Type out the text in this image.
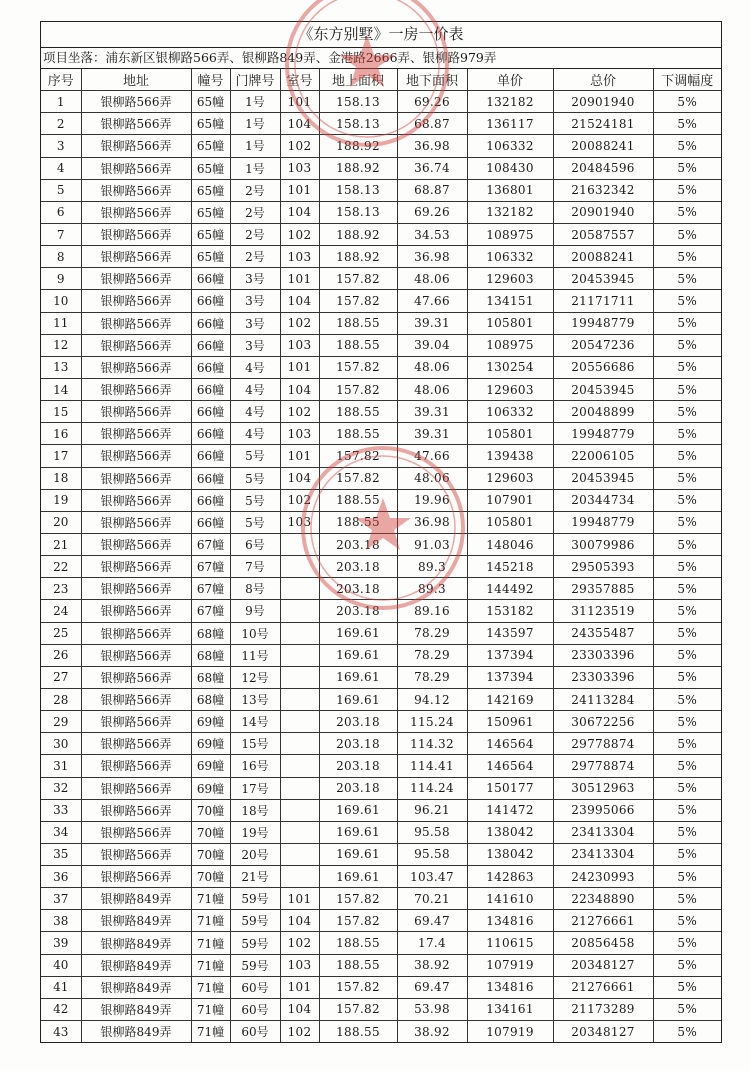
《东方别墅》一房一价表
项目坐落：浦东新区银柳路566弄、银柳路849弄、金港路2666弄、银柳路979弄
序号	地址	幢号	门牌号	室号	地上面积	地下面积	单价	总价	下调幅度
1	银柳路566弄	65幢	1号	101	158.13	69.26	132182	20901940	5%
2	银柳路566弄	65幢	1号	104	158.13	68.87	136117	21524181	5%
3	银柳路566弄	65幢	1号	102	188.92	36.98	106332	20088241	5%
4	银柳路566弄	65幢	1号	103	188.92	36.74	108430	20484596	5%
5	银柳路566弄	65幢	2号	101	158.13	68.87	136801	21632342	5%
6	银柳路566弄	65幢	2号	104	158.13	69.26	132182	20901940	5%
7	银柳路566弄	65幢	2号	102	188.92	34.53	108975	20587557	5%
8	银柳路566弄	65幢	2号	103	188.92	36.98	106332	20088241	5%
9	银柳路566弄	66幢	3号	101	157.82	48.06	129603	20453945	5%
10	银柳路566弄	66幢	3号	104	157.82	47.66	134151	21171711	5%
11	银柳路566弄	66幢	3号	102	188.55	39.31	105801	19948779	5%
12	银柳路566弄	66幢	3号	103	188.55	39.04	108975	20547236	5%
13	银柳路566弄	66幢	4号	101	157.82	48.06	130254	20556686	5%
14	银柳路566弄	66幢	4号	104	157.82	48.06	129603	20453945	5%
15	银柳路566弄	66幢	4号	102	188.55	39.31	106332	20048899	5%
16	银柳路566弄	66幢	4号	103	188.55	39.31	105801	19948779	5%
17	银柳路566弄	66幢	5号	101	157.82	47.66	139438	22006105	5%
18	银柳路566弄	66幢	5号	104	157.82	48.06	129603	20453945	5%
19	银柳路566弄	66幢	5号	102	188.55	19.96	107901	20344734	5%
20	银柳路566弄	66幢	5号	103	188.55	36.98	105801	19948779	5%
21	银柳路566弄	67幢	6号		203.18	91.03	148046	30079986	5%
22	银柳路566弄	67幢	7号		203.18	89.3	145218	29505393	5%
23	银柳路566弄	67幢	8号		203.18	89.3	144492	29357885	5%
24	银柳路566弄	67幢	9号		203.18	89.16	153182	31123519	5%
25	银柳路566弄	68幢	10号		169.61	78.29	143597	24355487	5%
26	银柳路566弄	68幢	11号		169.61	78.29	137394	23303396	5%
27	银柳路566弄	68幢	12号		169.61	78.29	137394	23303396	5%
28	银柳路566弄	68幢	13号		169.61	94.12	142169	24113284	5%
29	银柳路566弄	69幢	14号		203.18	115.24	150961	30672256	5%
30	银柳路566弄	69幢	15号		203.18	114.32	146564	29778874	5%
31	银柳路566弄	69幢	16号		203.18	114.41	146564	29778874	5%
32	银柳路566弄	69幢	17号		203.18	114.24	150177	30512963	5%
33	银柳路566弄	70幢	18号		169.61	96.21	141472	23995066	5%
34	银柳路566弄	70幢	19号		169.61	95.58	138042	23413304	5%
35	银柳路566弄	70幢	20号		169.61	95.58	138042	23413304	5%
36	银柳路566弄	70幢	21号		169.61	103.47	142863	24230993	5%
37	银柳路849弄	71幢	59号	101	157.82	70.21	141610	22348890	5%
38	银柳路849弄	71幢	59号	104	157.82	69.47	134816	21276661	5%
39	银柳路849弄	71幢	59号	102	188.55	17.4	110615	20856458	5%
40	银柳路849弄	71幢	59号	103	188.55	38.92	107919	20348127	5%
41	银柳路849弄	71幢	60号	101	157.82	69.47	134816	21276661	5%
42	银柳路849弄	71幢	60号	104	157.82	53.98	134161	21173289	5%
43	银柳路849弄	71幢	60号	102	188.55	38.92	107919	20348127	5%
